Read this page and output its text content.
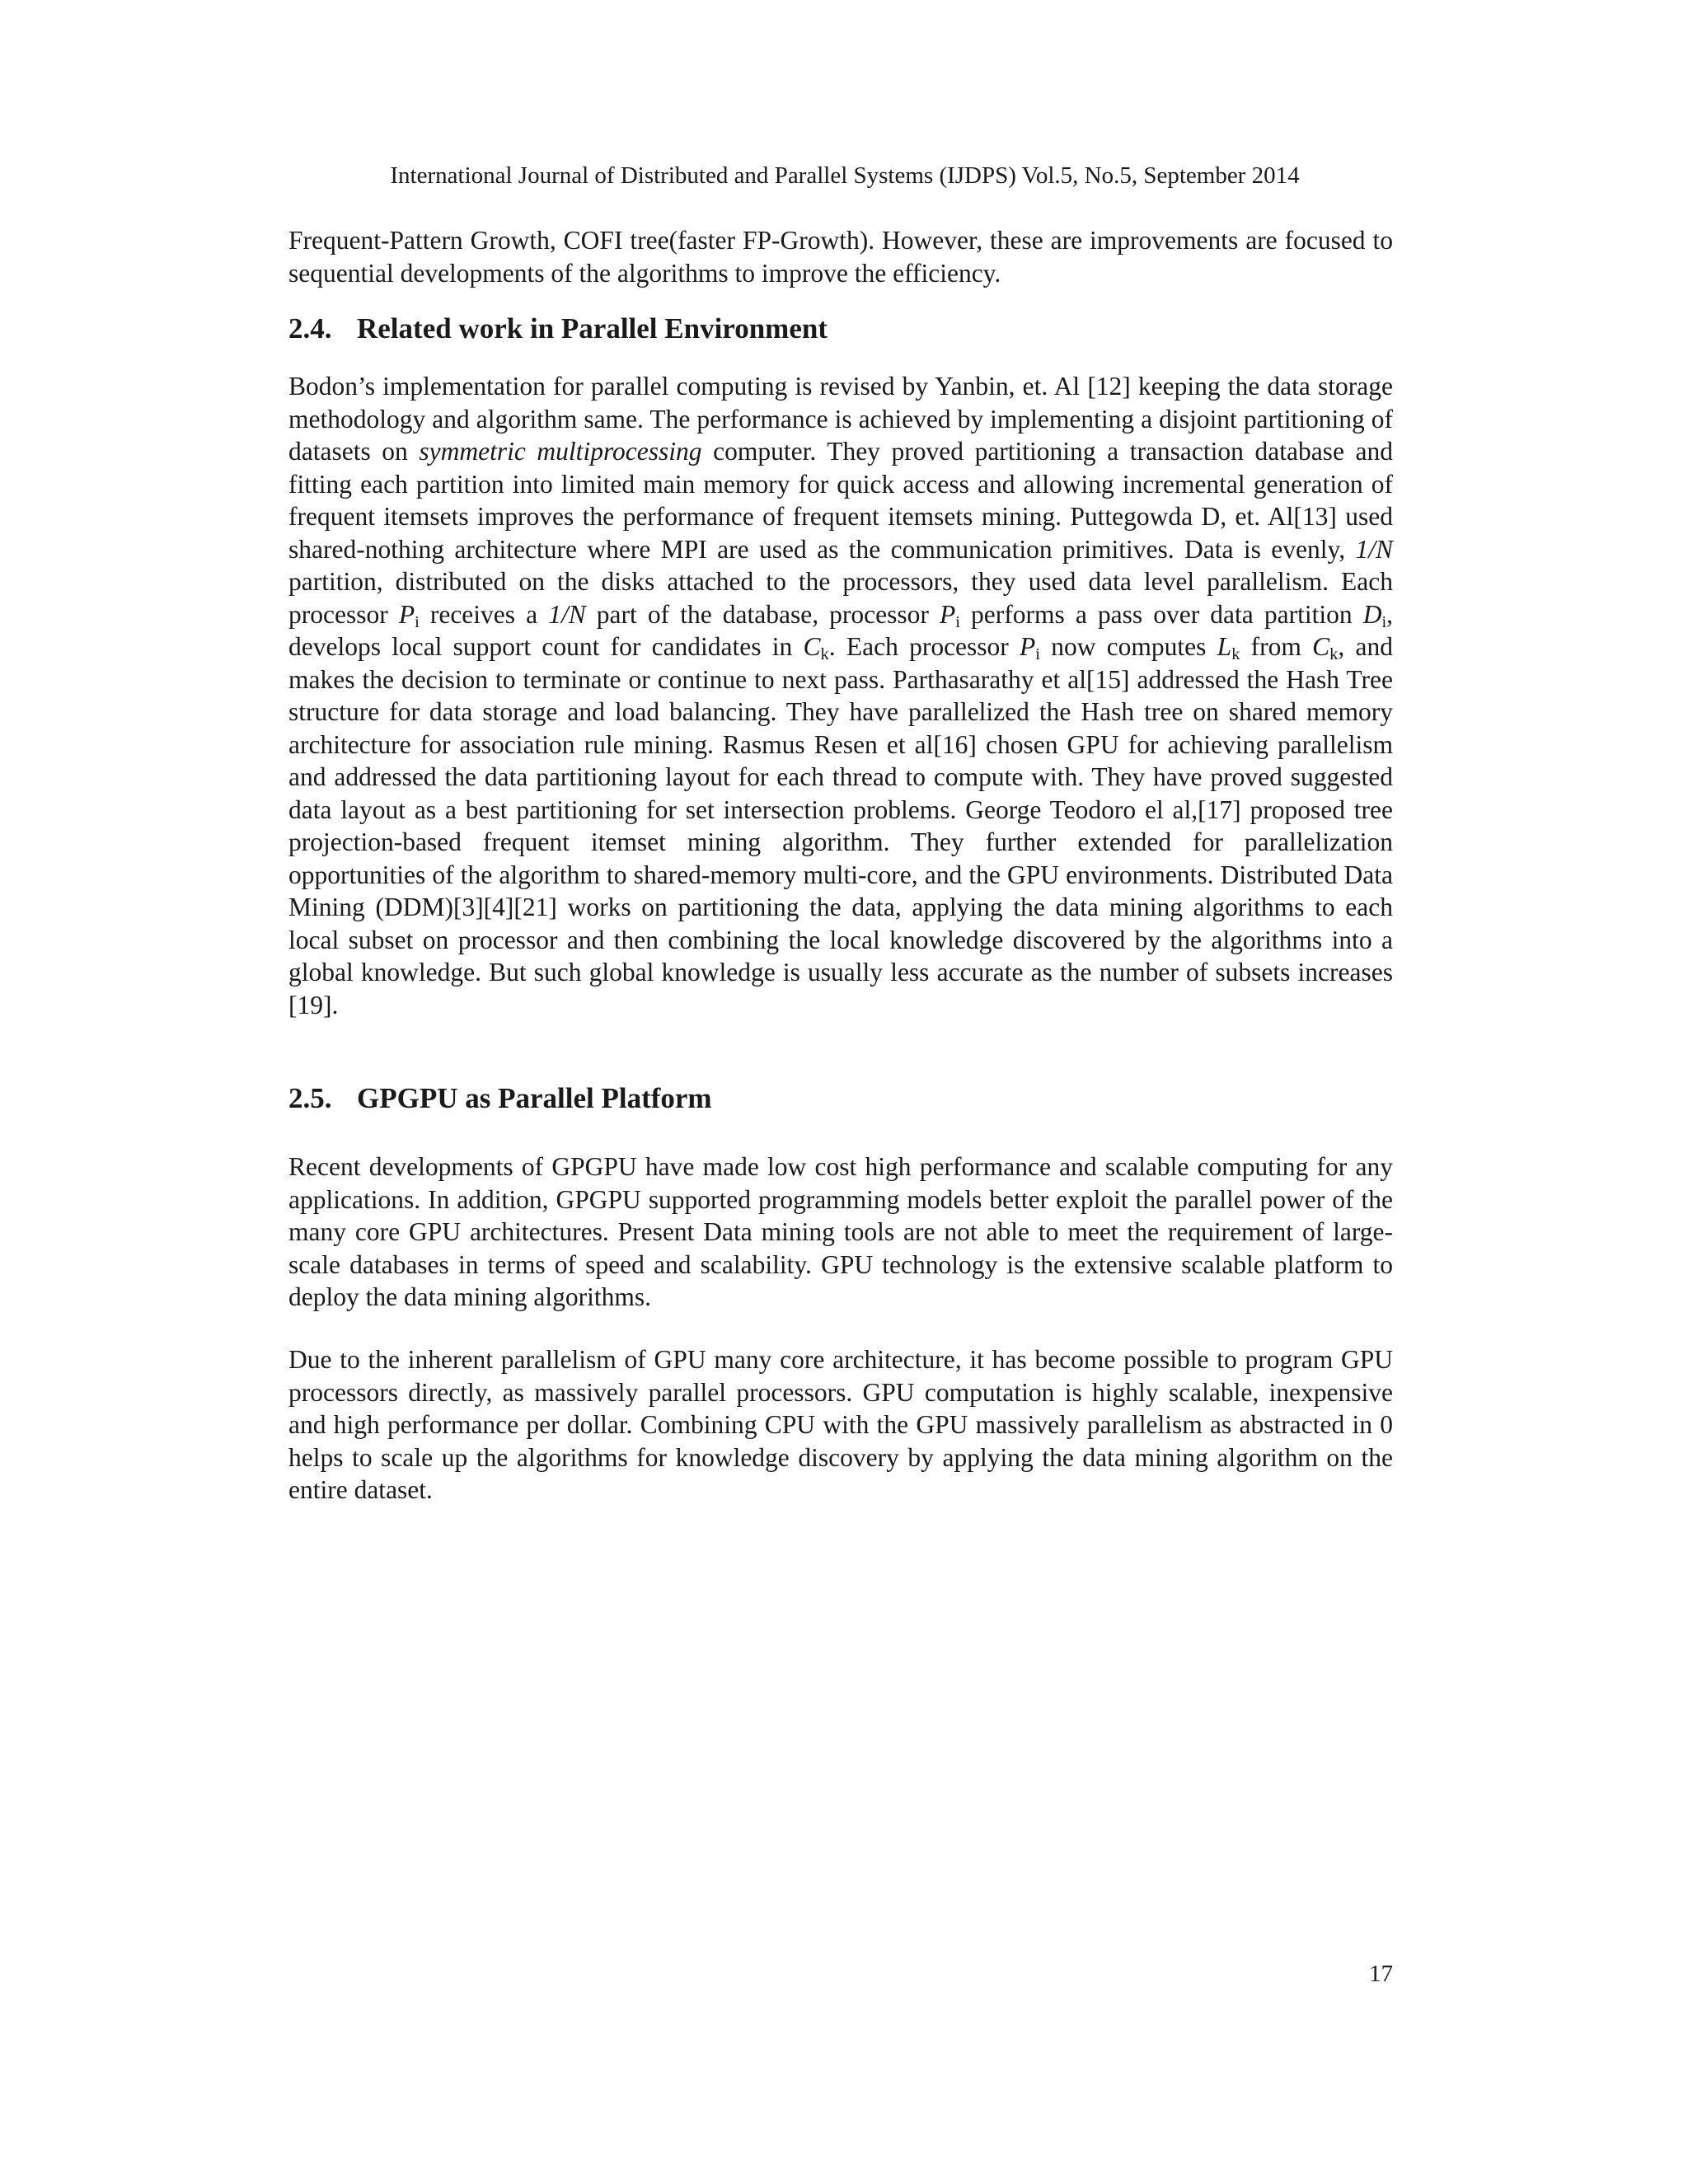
International Journal of Distributed and Parallel Systems (IJDPS) Vol.5, No.5, September 2014

Frequent-Pattern Growth, COFI tree(faster FP-Growth). However, these are improvements are focused to sequential developments of the algorithms to improve the efficiency.

2.4. Related work in Parallel Environment

Bodon’s implementation for parallel computing is revised by Yanbin, et. Al [12] keeping the data storage methodology and algorithm same. The performance is achieved by implementing a disjoint partitioning of datasets on symmetric multiprocessing computer. They proved partitioning a transaction database and fitting each partition into limited main memory for quick access and allowing incremental generation of frequent itemsets improves the performance of frequent itemsets mining. Puttegowda D, et. Al[13] used shared-nothing architecture where MPI are used as the communication primitives. Data is evenly, 1/N partition, distributed on the disks attached to the processors, they used data level parallelism. Each processor $P_i$ receives a 1/N part of the database, processor $P_i$ performs a pass over data partition $D_i$, develops local support count for candidates in $C_k$. Each processor $P_i$ now computes $L_k$ from $C_k$, and makes the decision to terminate or continue to next pass. Parthasarathy et al[15] addressed the Hash Tree structure for data storage and load balancing. They have parallelized the Hash tree on shared memory architecture for association rule mining. Rasmus Resen et al[16] chosen GPU for achieving parallelism and addressed the data partitioning layout for each thread to compute with. They have proved suggested data layout as a best partitioning for set intersection problems. George Teodoro el al,[17] proposed tree projection-based frequent itemset mining algorithm. They further extended for parallelization opportunities of the algorithm to shared-memory multi-core, and the GPU environments. Distributed Data Mining (DDM)[3][4][21] works on partitioning the data, applying the data mining algorithms to each local subset on processor and then combining the local knowledge discovered by the algorithms into a global knowledge. But such global knowledge is usually less accurate as the number of subsets increases [19].

2.5. GPGPU as Parallel Platform

Recent developments of GPGPU have made low cost high performance and scalable computing for any applications. In addition, GPGPU supported programming models better exploit the parallel power of the many core GPU architectures. Present Data mining tools are not able to meet the requirement of large-scale databases in terms of speed and scalability. GPU technology is the extensive scalable platform to deploy the data mining algorithms.

Due to the inherent parallelism of GPU many core architecture, it has become possible to program GPU processors directly, as massively parallel processors. GPU computation is highly scalable, inexpensive and high performance per dollar. Combining CPU with the GPU massively parallelism as abstracted in 0 helps to scale up the algorithms for knowledge discovery by applying the data mining algorithm on the entire dataset.

17
